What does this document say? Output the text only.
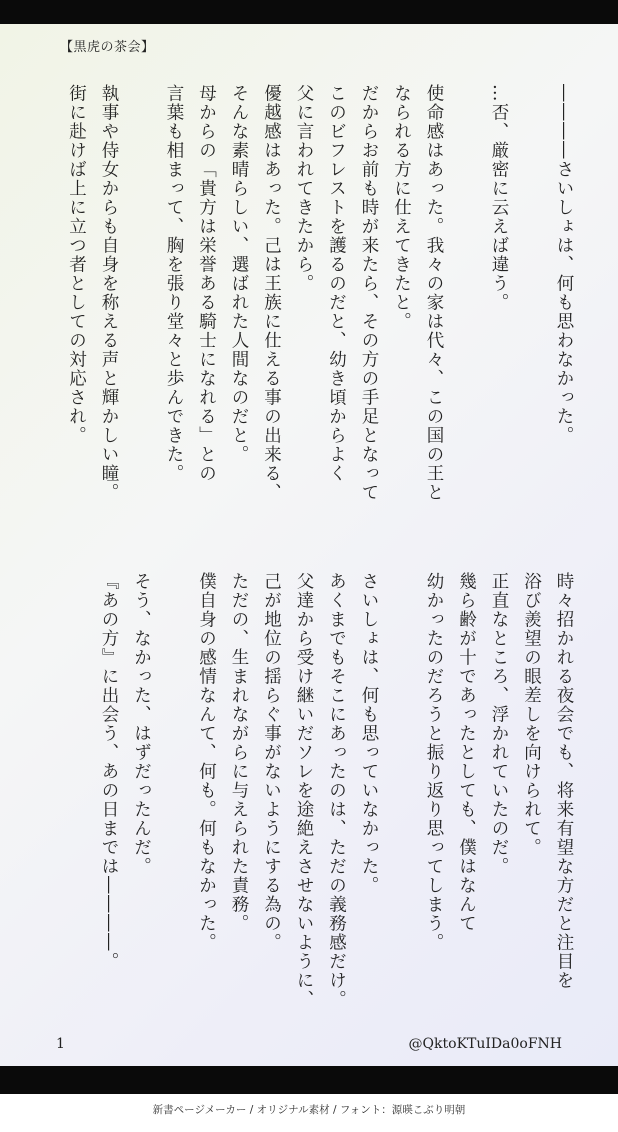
【黒虎の茶会】
――――さいしょは、何も思わなかった。
…否、厳密に云えば違う。
使命感はあった。我々の家は代々、この国の王と
なられる方に仕えてきたと。
だからお前も時が来たら、その方の手足となって
このビフレストを護るのだと、幼き頃からよく
父に言われてきたから。
優越感はあった。己は王族に仕える事の出来る、
そんな素晴らしい、選ばれた人間なのだと。
母からの「貴方は栄誉ある騎士になれる」との
言葉も相まって、胸を張り堂々と歩んできた。
執事や侍女からも自身を称える声と輝かしい瞳。
街に赴けば上に立つ者としての対応され。
時々招かれる夜会でも、将来有望な方だと注目を
浴び羨望の眼差しを向けられて。
正直なところ、浮かれていたのだ。
幾ら齢が十であったとしても、僕はなんて
幼かったのだろうと振り返り思ってしまう。
さいしょは、何も思っていなかった。
あくまでもそこにあったのは、ただの義務感だけ。
父達から受け継いだソレを途絶えさせないように、
己が地位の揺らぐ事がないようにする為の。
ただの、生まれながらに与えられた責務。
僕自身の感情なんて、何も。何もなかった。
そう、なかった、はずだったんだ。
『あの方』に出会う、あの日までは――――。
1	@QktoKTuIDa0oFNH
新書ページメーカー / オリジナル素材 / フォント：源暎こぶり明朝
